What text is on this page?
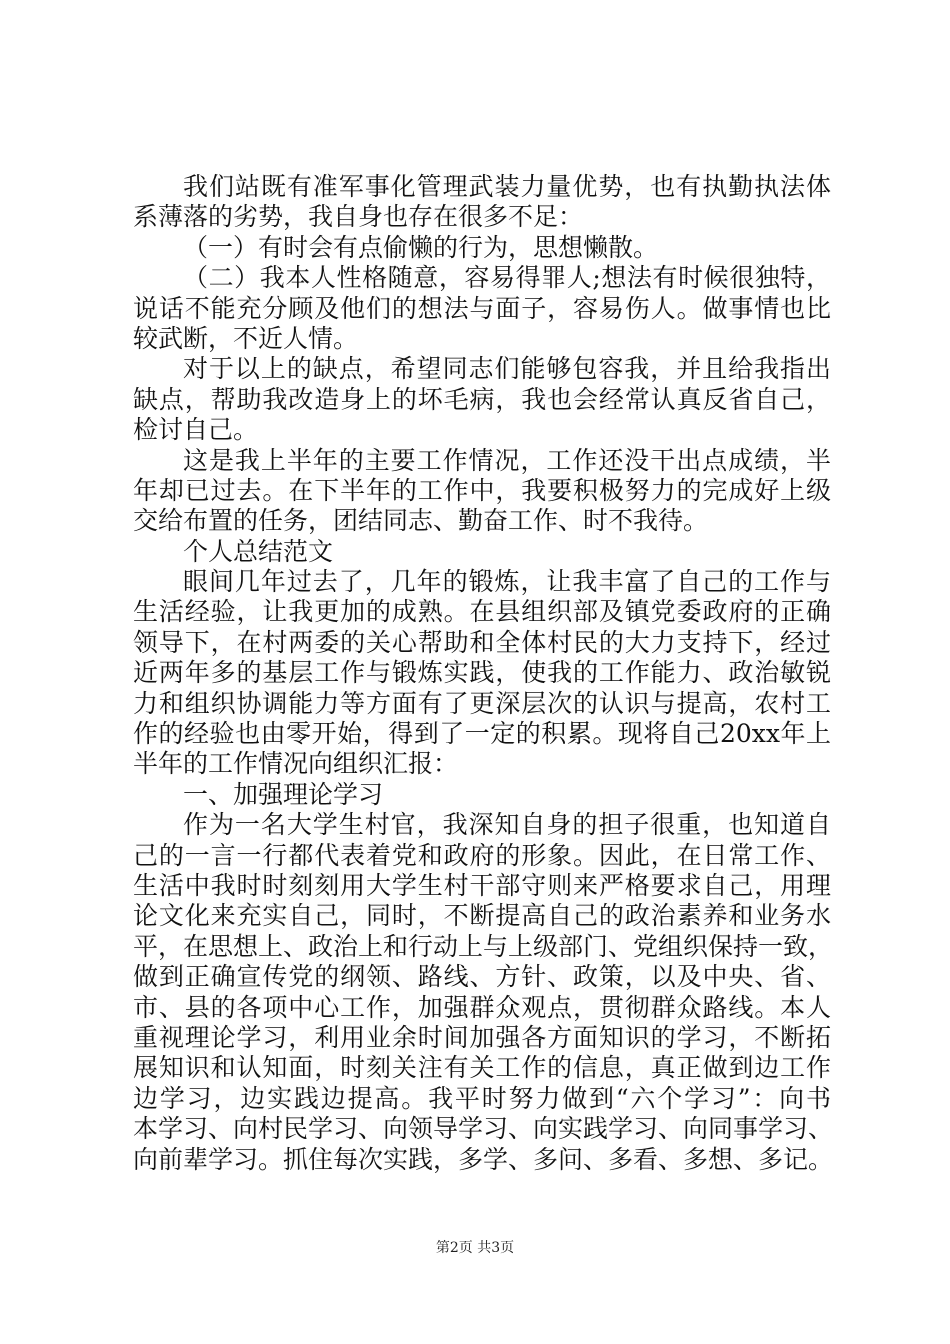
我们站既有准军事化管理武装力量优势，也有执勤执法体
系薄落的劣势，我自身也存在很多不足：
（一）有时会有点偷懒的行为，思想懒散。
（二）我本人性格随意，容易得罪人;想法有时候很独特，
说话不能充分顾及他们的想法与面子，容易伤人。做事情也比
较武断，不近人情。
对于以上的缺点，希望同志们能够包容我，并且给我指出
缺点，帮助我改造身上的坏毛病，我也会经常认真反省自己，
检讨自己。
这是我上半年的主要工作情况，工作还没干出点成绩，半
年却已过去。在下半年的工作中，我要积极努力的完成好上级
交给布置的任务，团结同志、勤奋工作、时不我待。
个人总结范文
眼间几年过去了，几年的锻炼，让我丰富了自己的工作与
生活经验，让我更加的成熟。在县组织部及镇党委政府的正确
领导下，在村两委的关心帮助和全体村民的大力支持下，经过
近两年多的基层工作与锻炼实践，使我的工作能力、政治敏锐
力和组织协调能力等方面有了更深层次的认识与提高，农村工
作的经验也由零开始，得到了一定的积累。现将自己20xx年上
半年的工作情况向组织汇报：
一、加强理论学习
作为一名大学生村官，我深知自身的担子很重，也知道自
己的一言一行都代表着党和政府的形象。因此，在日常工作、
生活中我时时刻刻用大学生村干部守则来严格要求自己，用理
论文化来充实自己，同时，不断提高自己的政治素养和业务水
平，在思想上、政治上和行动上与上级部门、党组织保持一致，
做到正确宣传党的纲领、路线、方针、政策，以及中央、省、
市、县的各项中心工作，加强群众观点，贯彻群众路线。本人
重视理论学习，利用业余时间加强各方面知识的学习，不断拓
展知识和认知面，时刻关注有关工作的信息，真正做到边工作
边学习，边实践边提高。我平时努力做到“六个学习”：向书
本学习、向村民学习、向领导学习、向实践学习、向同事学习、
向前辈学习。抓住每次实践，多学、多问、多看、多想、多记。
第2页 共3页
